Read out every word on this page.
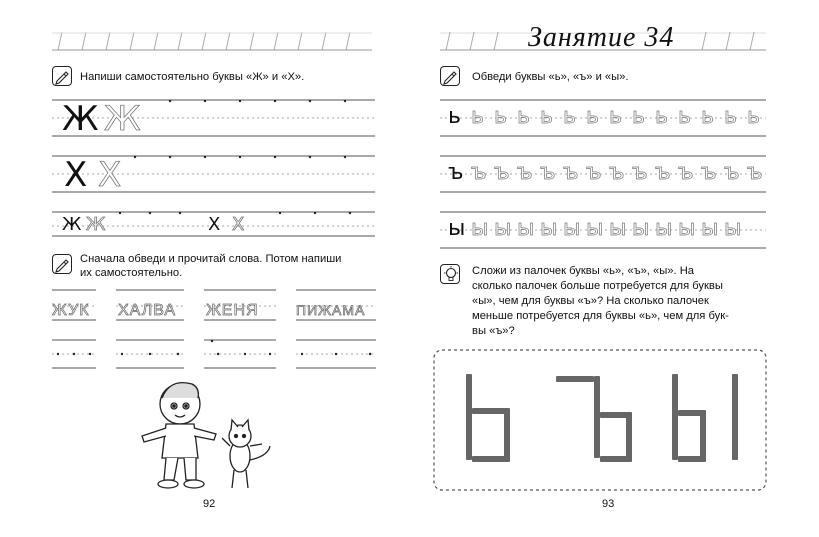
Напиши самостоятельно буквы «Ж» и «Х».
Ж Ж
Х Х
Ж Ж	Х Х
Сначала обведи и прочитай слова. Потом напиши
их самостоятельно.
ЖУК ХАЛВА ЖЕНЯ	ПИЖАМА
92
Занятие 34
Обведи буквы «ь», «ъ» и «ы».
ь ь ь ь ь ь ь ь ь ь ь ь ь ь
ъ ъ ъ ъ ъ ъ ъ ъ ъ ъ ъ ъ ъ ъ
ы ы ы ы ы ы ы ы ы ы ы ы ы
Сложи из палочек буквы «ь», «ъ», «ы». На
сколько палочек больше потребуется для буквы
«ы», чем для буквы «ъ»? На сколько палочек
меньше потребуется для буквы «ь», чем для бук-
вы «ъ»?
93
